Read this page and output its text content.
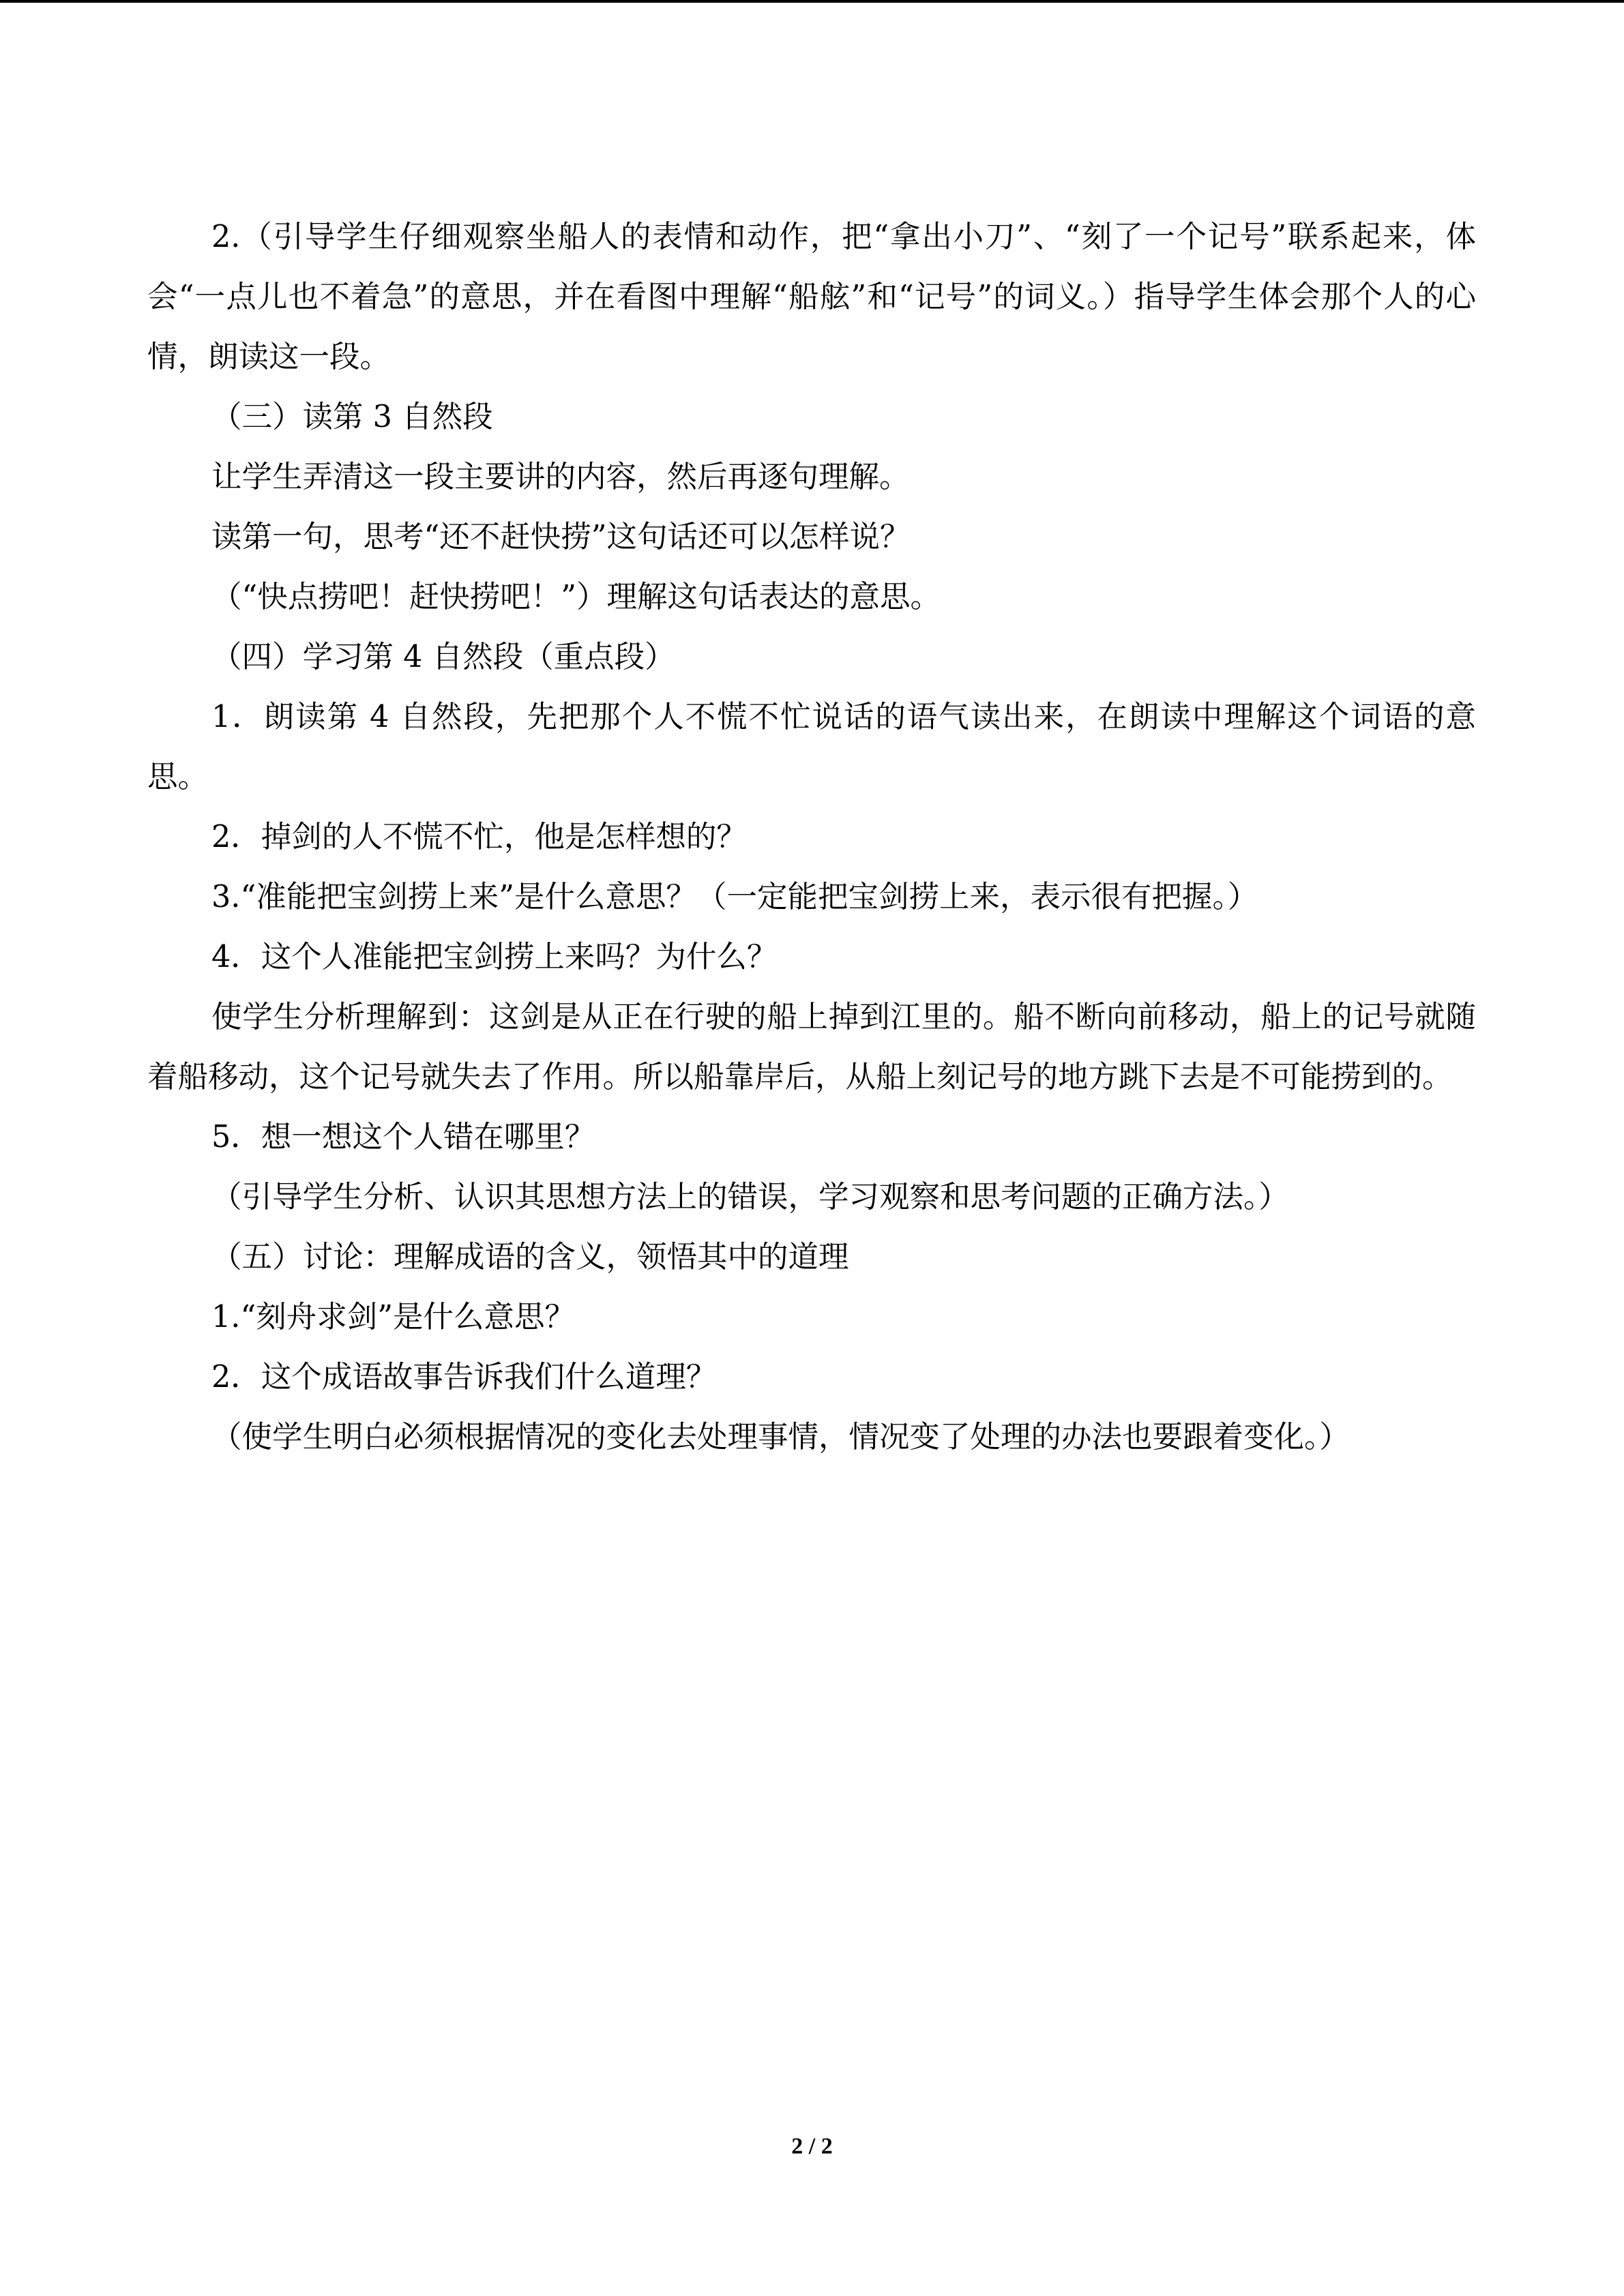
2.（引导学生仔细观察坐船人的表情和动作，把“拿出小刀”、“刻了一个记号”联系起来，体会“一点儿也不着急”的意思，并在看图中理解“船舷”和“记号”的词义。）指导学生体会那个人的心情，朗读这一段。

（三）读第 3 自然段

让学生弄清这一段主要讲的内容，然后再逐句理解。

读第一句，思考“还不赶快捞”这句话还可以怎样说？

（“快点捞吧！赶快捞吧！”）理解这句话表达的意思。

（四）学习第 4 自然段（重点段）

1．朗读第 4 自然段，先把那个人不慌不忙说话的语气读出来，在朗读中理解这个词语的意思。

2．掉剑的人不慌不忙，他是怎样想的？

3.“准能把宝剑捞上来”是什么意思？（一定能把宝剑捞上来，表示很有把握。）

4．这个人准能把宝剑捞上来吗？为什么？

使学生分析理解到：这剑是从正在行驶的船上掉到江里的。船不断向前移动，船上的记号就随着船移动，这个记号就失去了作用。所以船靠岸后，从船上刻记号的地方跳下去是不可能捞到的。

5．想一想这个人错在哪里？

（引导学生分析、认识其思想方法上的错误，学习观察和思考问题的正确方法。）

（五）讨论：理解成语的含义，领悟其中的道理

1.“刻舟求剑”是什么意思？

2．这个成语故事告诉我们什么道理？

（使学生明白必须根据情况的变化去处理事情，情况变了处理的办法也要跟着变化。）

2 / 2
